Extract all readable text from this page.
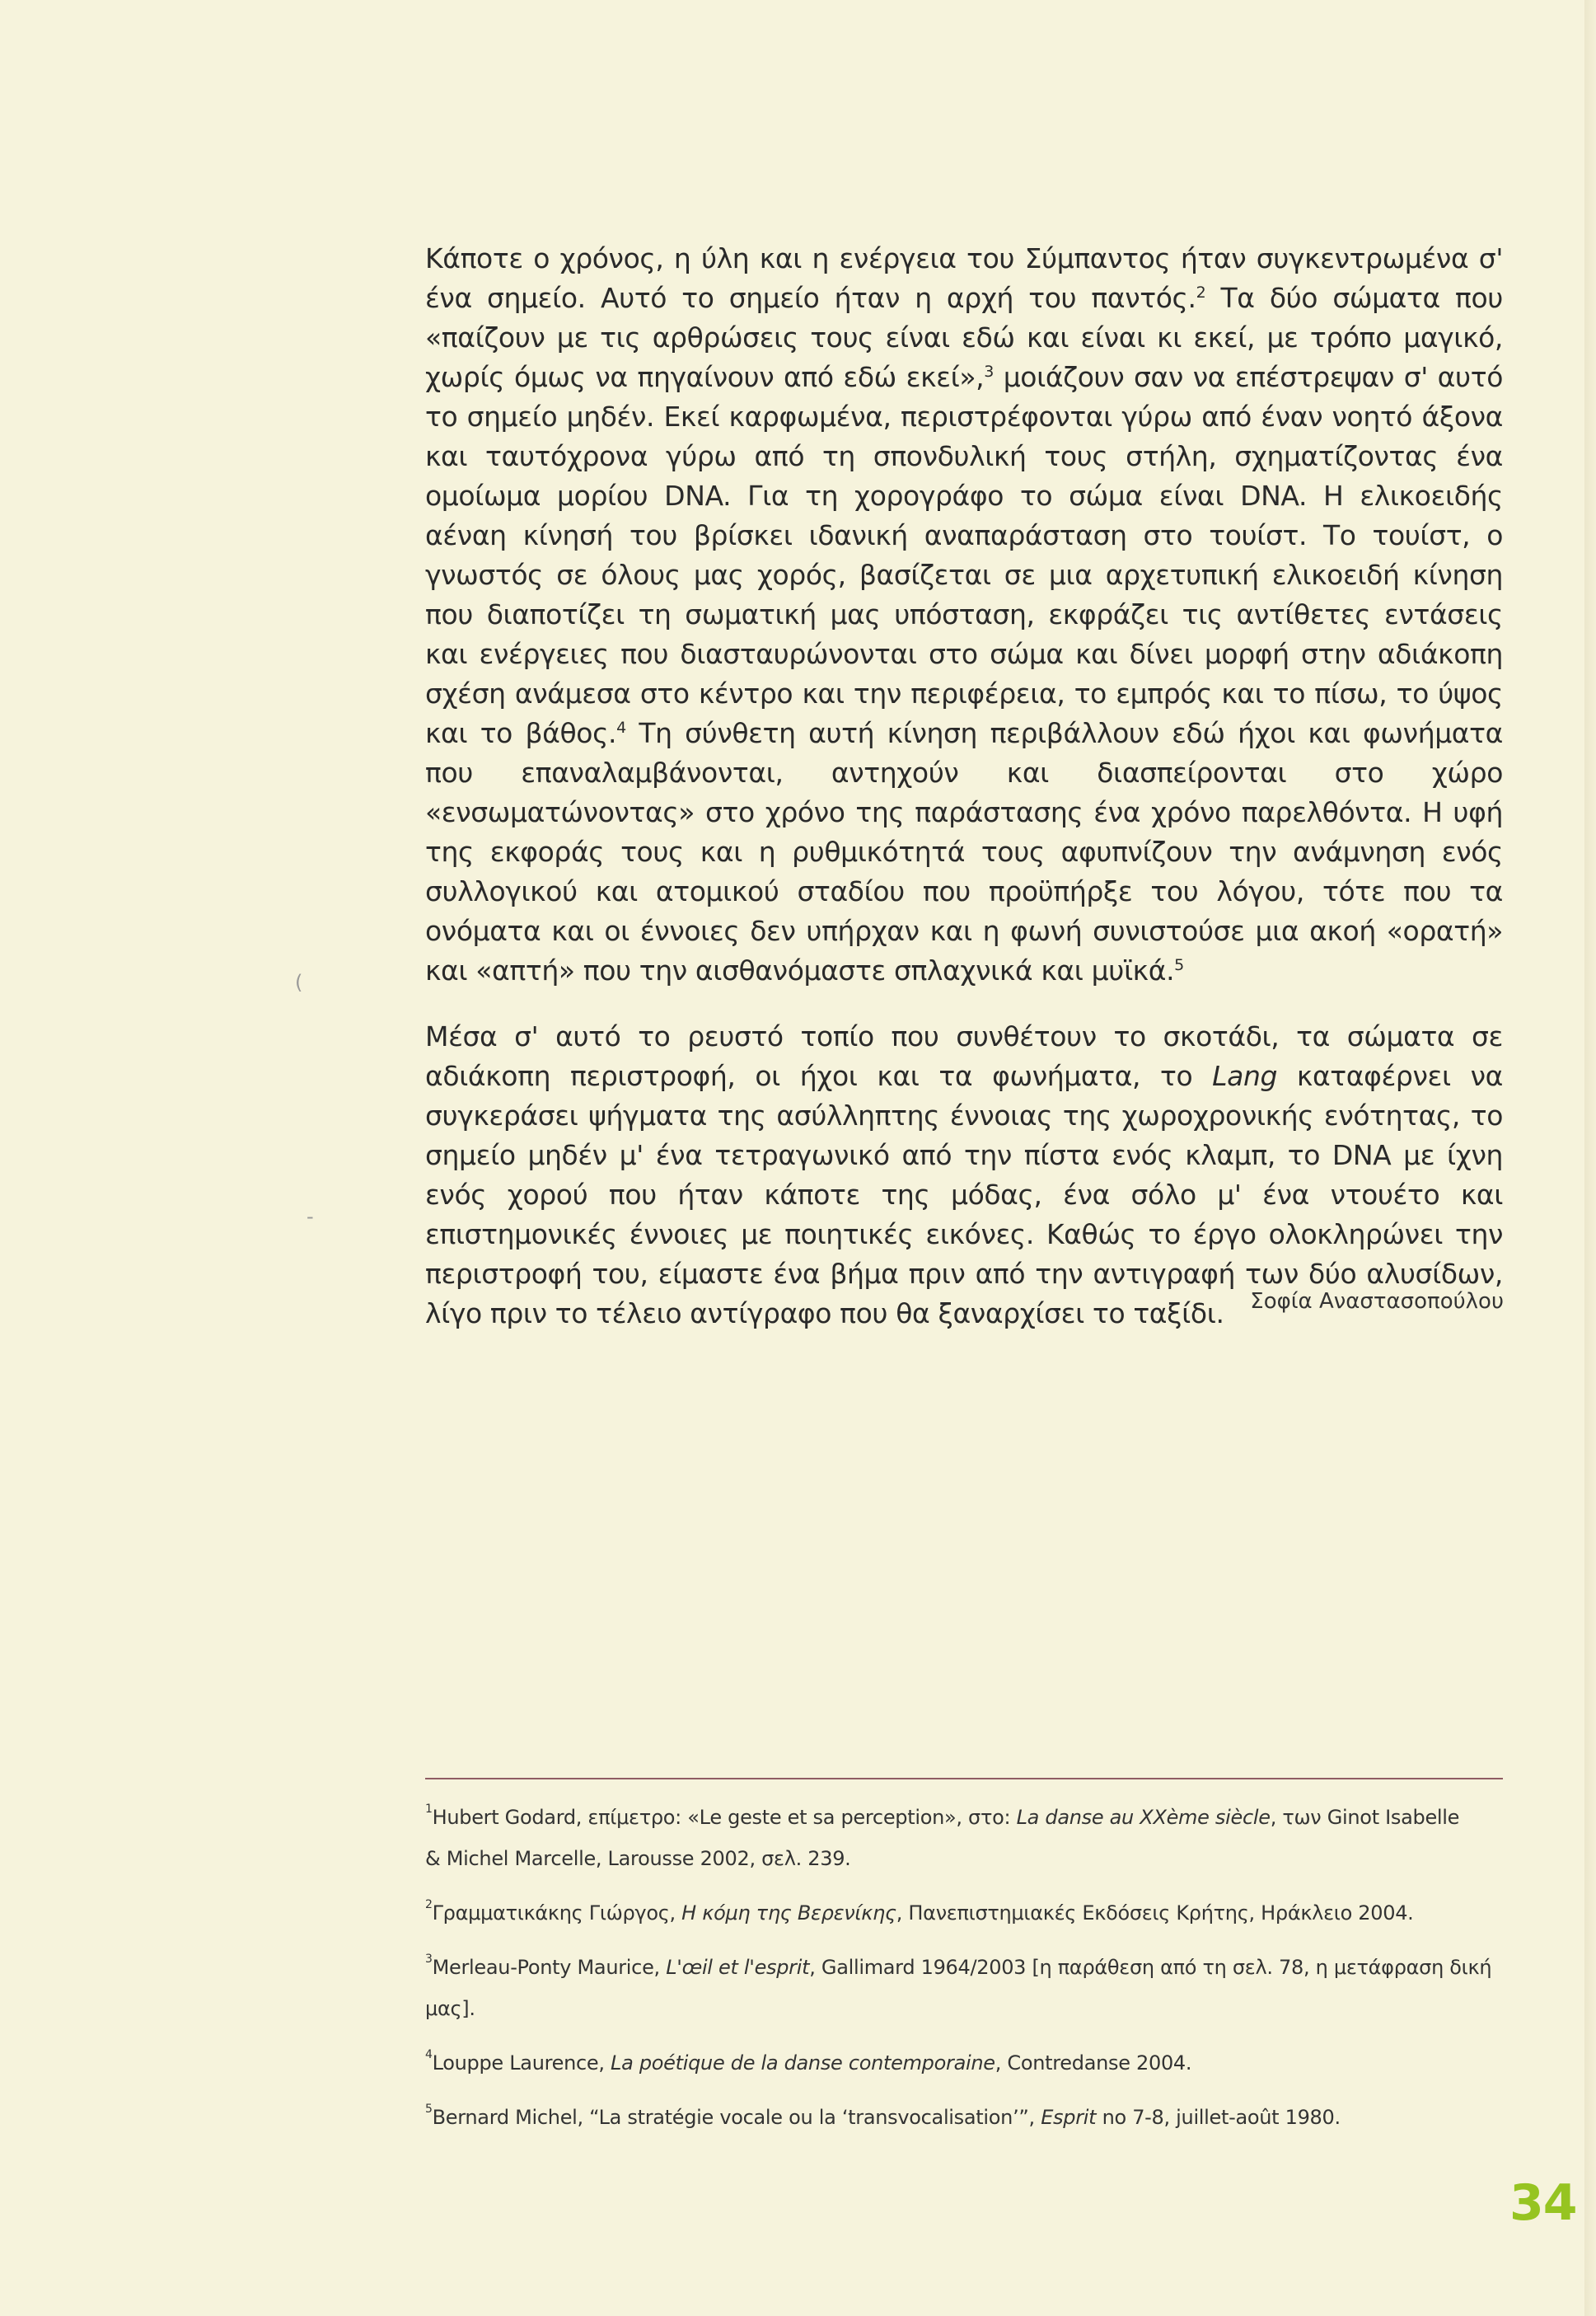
(
-

Κάποτε ο χρόνος, η ύλη και η ενέργεια του Σύμπαντος ήταν συγκεντρωμένα σ' ένα σημείο. Αυτό το σημείο ήταν η αρχή του παντός.$^2$ Τα δύο σώματα που «παίζουν με τις αρθρώσεις τους είναι εδώ και είναι κι εκεί, με τρόπο μαγικό, χωρίς όμως να πηγαίνουν από εδώ εκεί»,$^3$ μοιάζουν σαν να επέστρεψαν σ' αυτό το σημείο μηδέν. Εκεί καρφωμένα, περιστρέφονται γύρω από έναν νοητό άξονα και ταυτόχρονα γύρω από τη σπονδυλική τους στήλη, σχηματίζοντας ένα ομοίωμα μορίου DNA. Για τη χορογράφο το σώμα είναι DNA. Η ελικοειδής αέναη κίνησή του βρίσκει ιδανική αναπαράσταση στο τουίστ. Το τουίστ, ο γνωστός σε όλους μας χορός, βασίζεται σε μια αρχετυπική ελικοειδή κίνηση που διαποτίζει τη σωματική μας υπόσταση, εκφράζει τις αντίθετες εντάσεις και ενέργειες που διασταυρώνονται στο σώμα και δίνει μορφή στην αδιάκοπη σχέση ανάμεσα στο κέντρο και την περιφέρεια, το εμπρός και το πίσω, το ύψος και το βάθος.$^4$ Τη σύνθετη αυτή κίνηση περιβάλλουν εδώ ήχοι και φωνήματα που επαναλαμβάνονται, αντηχούν και διασπείρονται στο χώρο «ενσωματώνοντας» στο χρόνο της παράστασης ένα χρόνο παρελθόντα. Η υφή της εκφοράς τους και η ρυθμικότητά τους αφυπνίζουν την ανάμνηση ενός συλλογικού και ατομικού σταδίου που προϋπήρξε του λόγου, τότε που τα ονόματα και οι έννοιες δεν υπήρχαν και η φωνή συνιστούσε μια ακοή «ορατή» και «απτή» που την αισθανόμαστε σπλαχνικά και μυϊκά.$^5$

Μέσα σ' αυτό το ρευστό τοπίο που συνθέτουν το σκοτάδι, τα σώματα σε αδιάκοπη περιστροφή, οι ήχοι και τα φωνήματα, το Lang καταφέρνει να συγκεράσει ψήγματα της ασύλληπτης έννοιας της χωροχρονικής ενότητας, το σημείο μηδέν μ' ένα τετραγωνικό από την πίστα ενός κλαμπ, το DNA με ίχνη ενός χορού που ήταν κάποτε της μόδας, ένα σόλο μ' ένα ντουέτο και επιστημονικές έννοιες με ποιητικές εικόνες. Καθώς το έργο ολοκληρώνει την περιστροφή του, είμαστε ένα βήμα πριν από την αντιγραφή των δύο αλυσίδων, λίγο πριν το τέλειο αντίγραφο που θα ξαναρχίσει το ταξίδι.	Σοφία Αναστασοπούλου

$^1$Hubert Godard, επίμετρο: «Le geste et sa perception», στο: La danse au XXème siècle, των Ginot Isabelle
& Michel Marcelle, Larousse 2002, σελ. 239.

$^2$Γραμματικάκης Γιώργος, Η κόμη της Βερενίκης, Πανεπιστημιακές Εκδόσεις Κρήτης, Ηράκλειο 2004.

$^3$Merleau-Ponty Maurice, L'œil et l'esprit, Gallimard 1964/2003 [η παράθεση από τη σελ. 78, η μετάφραση δική μας].

$^4$Louppe Laurence, La poétique de la danse contemporaine, Contredanse 2004.

$^5$Bernard Michel, “La stratégie vocale ou la ‘transvocalisation’”, Esprit no 7-8, juillet-août 1980.

34
